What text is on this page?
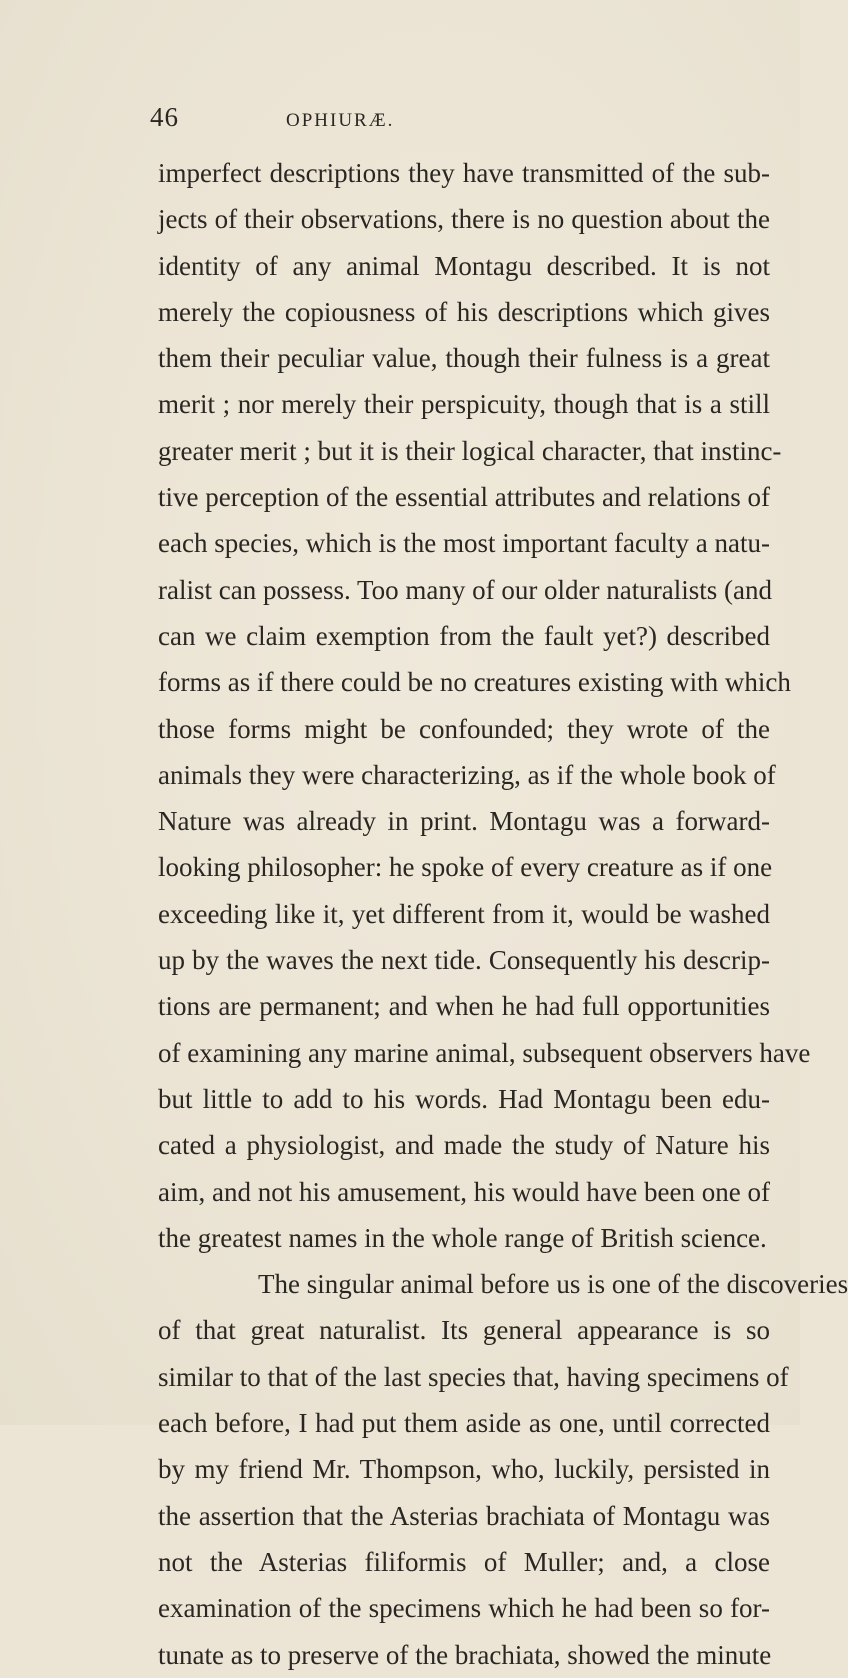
46	OPHIURÆ.
imperfect descriptions they have transmitted of the sub-
jects of their observations, there is no question about the
identity of any animal Montagu described. It is not
merely the copiousness of his descriptions which gives
them their peculiar value, though their fulness is a great
merit ; nor merely their perspicuity, though that is a still
greater merit ; but it is their logical character, that instinc-
tive perception of the essential attributes and relations of
each species, which is the most important faculty a natu-
ralist can possess. Too many of our older naturalists (and
can we claim exemption from the fault yet?) described
forms as if there could be no creatures existing with which
those forms might be confounded; they wrote of the
animals they were characterizing, as if the whole book of
Nature was already in print. Montagu was a forward-
looking philosopher: he spoke of every creature as if one
exceeding like it, yet different from it, would be washed
up by the waves the next tide. Consequently his descrip-
tions are permanent; and when he had full opportunities
of examining any marine animal, subsequent observers have
but little to add to his words. Had Montagu been edu-
cated a physiologist, and made the study of Nature his
aim, and not his amusement, his would have been one of
the greatest names in the whole range of British science.
The singular animal before us is one of the discoveries
of that great naturalist. Its general appearance is so
similar to that of the last species that, having specimens of
each before, I had put them aside as one, until corrected
by my friend Mr. Thompson, who, luckily, persisted in
the assertion that the Asterias brachiata of Montagu was
not the Asterias filiformis of Muller; and, a close
examination of the specimens which he had been so for-
tunate as to preserve of the brachiata, showed the minute
